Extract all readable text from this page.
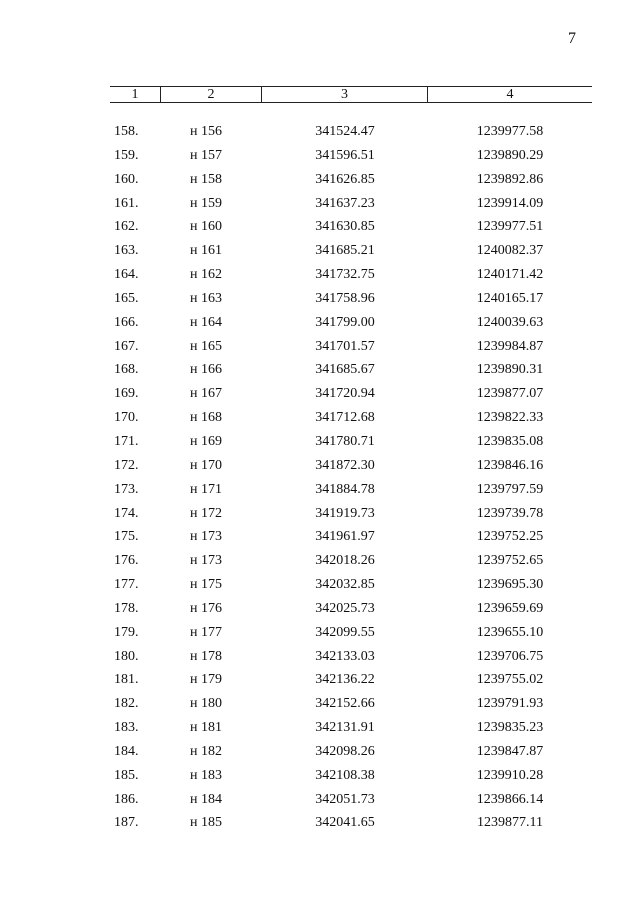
7
1	2	3	4
158.	н 156	341524.47	1239977.58
159.	н 157	341596.51	1239890.29
160.	н 158	341626.85	1239892.86
161.	н 159	341637.23	1239914.09
162.	н 160	341630.85	1239977.51
163.	н 161	341685.21	1240082.37
164.	н 162	341732.75	1240171.42
165.	н 163	341758.96	1240165.17
166.	н 164	341799.00	1240039.63
167.	н 165	341701.57	1239984.87
168.	н 166	341685.67	1239890.31
169.	н 167	341720.94	1239877.07
170.	н 168	341712.68	1239822.33
171.	н 169	341780.71	1239835.08
172.	н 170	341872.30	1239846.16
173.	н 171	341884.78	1239797.59
174.	н 172	341919.73	1239739.78
175.	н 173	341961.97	1239752.25
176.	н 173	342018.26	1239752.65
177.	н 175	342032.85	1239695.30
178.	н 176	342025.73	1239659.69
179.	н 177	342099.55	1239655.10
180.	н 178	342133.03	1239706.75
181.	н 179	342136.22	1239755.02
182.	н 180	342152.66	1239791.93
183.	н 181	342131.91	1239835.23
184.	н 182	342098.26	1239847.87
185.	н 183	342108.38	1239910.28
186.	н 184	342051.73	1239866.14
187.	н 185	342041.65	1239877.11
